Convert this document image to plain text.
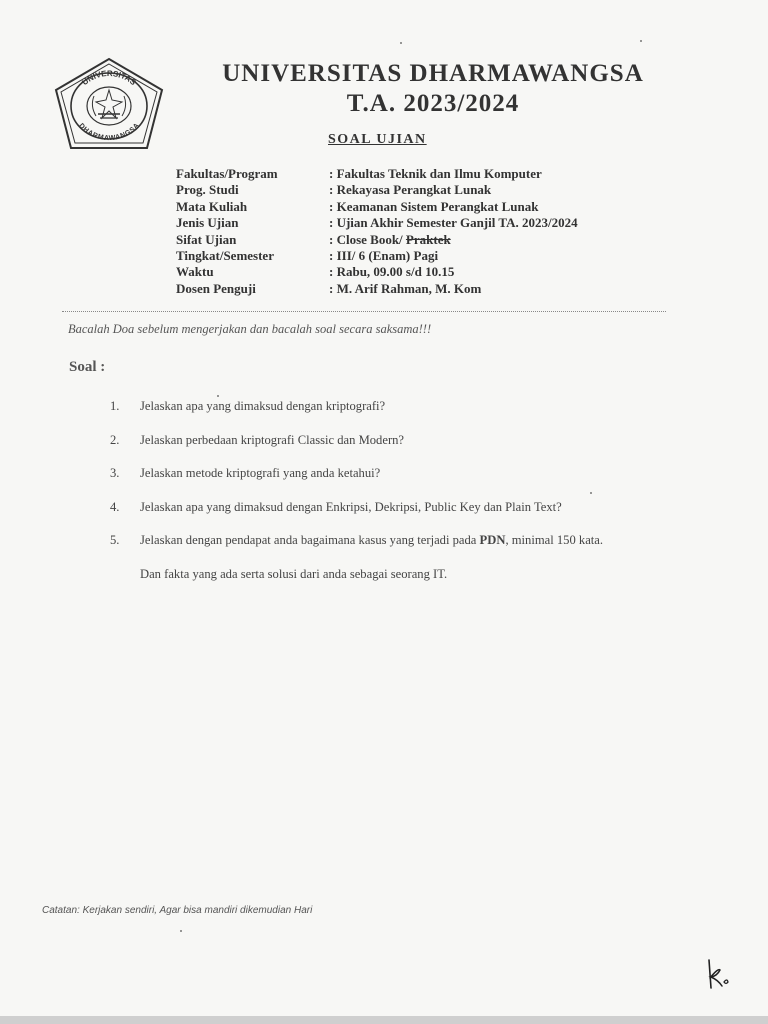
UNIVERSITAS
DHARMAWANGSA
UNIVERSITAS DHARMAWANGSA
T.A. 2023/2024
SOAL UJIAN
Fakultas/Program	: Fakultas Teknik dan Ilmu Komputer
Prog. Studi	: Rekayasa Perangkat Lunak
Mata Kuliah	: Keamanan Sistem Perangkat Lunak
Jenis Ujian	: Ujian Akhir Semester Ganjil TA. 2023/2024
Sifat Ujian	: Close Book/ Praktek
Tingkat/Semester	: III/ 6 (Enam) Pagi
Waktu	: Rabu, 09.00 s/d 10.15
Dosen Penguji	: M. Arif Rahman, M. Kom
Bacalah Doa sebelum mengerjakan dan bacalah soal secara saksama!!!
Soal :
1.	Jelaskan apa yang dimaksud dengan kriptografi?
2.	Jelaskan perbedaan kriptografi Classic dan Modern?
3.	Jelaskan metode kriptografi yang anda ketahui?
4.	Jelaskan apa yang dimaksud dengan Enkripsi, Dekripsi, Public Key dan Plain Text?
5.	Jelaskan dengan pendapat anda bagaimana kasus yang terjadi pada PDN, minimal 150 kata.
Dan fakta yang ada serta solusi dari anda sebagai seorang IT.
Catatan: Kerjakan sendiri, Agar bisa mandiri dikemudian Hari
